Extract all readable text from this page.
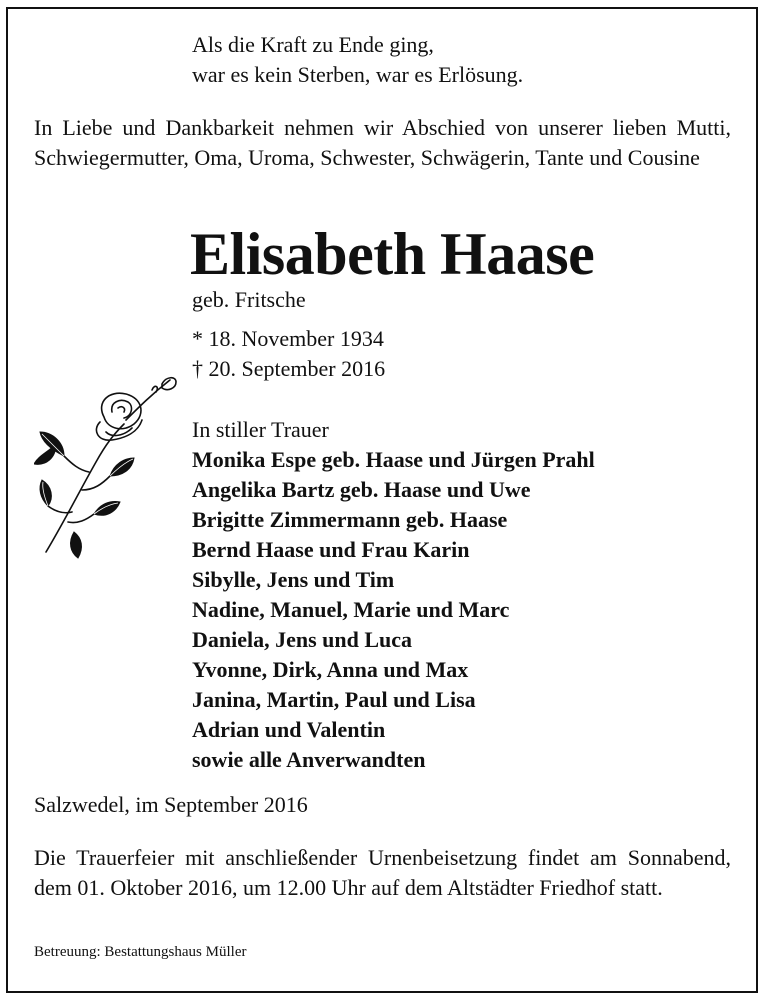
Als die Kraft zu Ende ging,
war es kein Sterben, war es Erlösung.
In Liebe und Dankbarkeit nehmen wir Abschied von unserer lieben Mutti, Schwiegermutter, Oma, Uroma, Schwester, Schwägerin, Tante und Cousine
Elisabeth Haase
geb. Fritsche
* 18. November 1934
† 20. September 2016
In stiller Trauer
Monika Espe geb. Haase und Jürgen Prahl
Angelika Bartz geb. Haase und Uwe
Brigitte Zimmermann geb. Haase
Bernd Haase und Frau Karin
Sibylle, Jens und Tim
Nadine, Manuel, Marie und Marc
Daniela, Jens und Luca
Yvonne, Dirk, Anna und Max
Janina, Martin, Paul und Lisa
Adrian und Valentin
sowie alle Anverwandten
Salzwedel, im September 2016
Die Trauerfeier mit anschließender Urnenbeisetzung findet am Sonnabend, dem 01. Oktober 2016, um 12.00 Uhr auf dem Altstädter Friedhof statt.
Betreuung: Bestattungshaus Müller
